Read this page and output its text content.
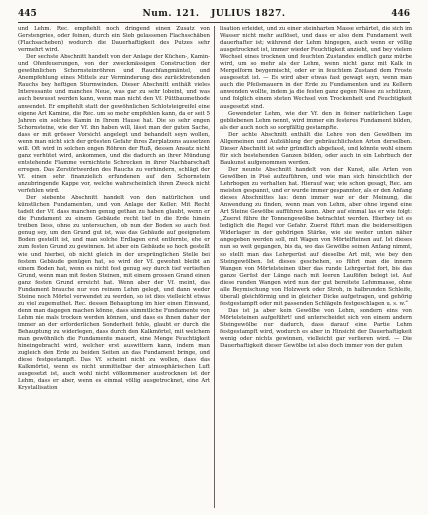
445	Num. 121. JULIUS 1827.	446

und Lehm. Rec. empfiehlt noch dringend einen Zusatz von Gerstengries, oder feinen, durch ein Sieb gelassenen Flachsschäben (Flachsacheben) wodurch die Dauerhaftigkeit des Putzes sehr vermehrt wird.

Der sechste Abschnitt handelt von der Anlage der Küchen-, Kamin- und Ofenfeuerungen, von der zweckmässigen Construction der gewöhnlichen Schornsteinröhren und Rauchfangmäntel, und Anempfehlung eines Mittels zur Verminderung des zurücktretenden Rauchs bey heftigen Sturmwinden. Dieser Abschnitt enthält vieles Interessante und manches Neue, was gar zu sehr lobeint, und was auch bewusst werden kann, wenn man nicht den Vf. Püttbaumethode anwendet. Er empfiehlt statt der gewöhnlichen Schlotsteigreifel eine eigene Art Kamine, die Rec. um so mehr empfehlen kann, da er seit 5 Jahren ein solches Kamin in Ihrem Hause hat. Die so sehr engen Schornsteine, wie der Vf. ihn haben will, lässt man der guten Sache, dass er mit grösser Vorsicht angelegt und behandelt seyn wollen, wenn man nicht sich der grössten Gefahr ihres Zerplatzens aussetzen will. Oft wird in solchen engen Röhren der Ruß, dessen Ansatz nicht ganz verhütet wird, ankommen, und die dadurch an ihrer Mündung entstehende Flamme vernichtete Schrecken in ihrer Nachbarschaft erregen. Das Zerstörtwerden des Rauchs zu verhindern, schlägt der Vf. einen sehr finanzielich erfundenen auf den Schornstein anzubringende Kappe vor, welche wahrscheinlich ihren Zweck nicht verfehlen wird.

Der siebente Abschnitt handelt von den natürlichen und künstlichen Fundamenten, und von Anlage der Keller. Mit Recht tadelt der Vf. dass manchen genug gethan zu haben glaubt, wenn er die Fundament zu einem Gebäude recht tief in die Erde hinein treiben liess, ohne zu untersuchen, ob nun der Boden so auch fest genug sey, um den Grund gut ist, was das Gebäude auf geeignetem Boden gestellt ist, und man solche Erdlagen erst entfernte, ehe er zum festen Grund zu gewinnen. Ist aber ein Gebäude so hoch gestellt wie und hierbei, ob nicht gleich in der ursprünglichen Stelle bei festem Gebäude genügen hat, so wird der Vf. gewohnt bleibt an einem Boden hat, wenn es nicht fest genug sey durch tief vertieften Grund, wenn man mit festen Steinen, mit einem grossen Grand einen ganz festen Grund erreicht hat. Wenn aber der Vf. meint, das Fundament brauche nur von reinem Lehm gelegt, und dann weder Steine noch Mörtel verwendet zu werden, so ist dies vielleicht etwas zu viel zugemuthet. Rec. dessen Behauptung im hier einen Einwand, denn man dagegen machen könne, dass sämmtliche Fundamente von Lehm nie mals trocken werden können, und dass es ihnen daher der immer an der erforderlichen Sonderheit fehle, glaubt er durch die Behauptung zu widerlegen, dass durch den Kalkmörtel, mit welchem man gewöhnlich die Fundamente mauert, eine Menge Feuchtigkeit hineingebracht wird, welcher erst auswittern kann, indem man zugleich den Erde zu beiden Seiten an das Fundament bringe, und diese festgestampft. Das Vf. scheint nicht zu wollen, dass das Kalkmörtel, wenn es nicht unmittelbar der atmosphärischen Luft ausgesetzt ist, auch wohl nicht völkommener austrocknen ist der Lehm, dass er aber, wenn es einmal völlig ausgetrocknet, eine Art Krystallisation

lisation erleidet, und zu einer steinharten Masse erhärtet, die sich im Wasser nicht mehr auflöset, und dass er also dem Fundament weit dauerhafter ist; während der Lehm hingegen, auch wenn er völlig ausgetrocknet ist, immer wieder Feuchtigkeit anzieht, und bey vielem Wechsel eines trocknen und feuchten Zustandes endlich ganz mürbe wird, um so mehr als der Lehm, wenn nicht ganz mit Kalk in Mergelform beygemischt, oder er in feuchtem Zustand dem Froste ausgesetzt ist. — Es wird aber etwas fast gewagt seyn, wenn man auch die Pfeilsmauern in der Erde zu Fundamenten und zu Kellern anwenden wollte, indem ja die festen ganz gegen Nässe zu schützen, und folglich einem steten Wechsel von Trockenheit und Feuchtigkeit ausgesetzt sind.

Gewendeter Lehm, wie der Vf. den in feiner natürlichen Lage gebliebenen Lehm nennt, wird immer ein festeres Fundament bilden, als der auch noch so sorgfältig gestampfte.

Der achte Abschnitt enthält die Lehre von den Gewölben im Allgemeinen und Aufzählung der gebräuchlichsten Arten derselben. Dieser Abschnitt ist sehr gründlich abgefasst, und könnte wohl einem für sich bestehenden Ganzen bilden, oder auch in ein Lehrbuch der Baukunst aufgenommen werden.

Der neunte Abschnitt handelt von der Kunst, alle Arten von Gewölben in Pisé aufzuführen, und wie man sich hinsichtlich der Lehrbogen zu verhalten hat. Hierauf war, wie schon gesagt, Rec. am meisten gespannt, und er wurde immer gespannter, als er den Anfang dieses Abschnittes las: denn immer war er der Meinung, die Anwendung zu finden, wenn man von Lehm, aber ohne irgend eine Art Steine Gewölbe aufführen kann. Aber auf einmal las er wie folgt: „Zuerst führe ihr Tonnengewölbe betrachtet werden. Hierbey ist es lediglich die Regel vor Gefahr. Zuerst führt man die beiderseitigen Widerlager in der gehörigen Stärke, wie sie weiter unten näher angegeben werden soll, mit Wagen von Mörtelfteinen auf. Ist dieses nun so weit gegangen, bis da, wo das Gewölbe seinen Anfang nimmt, so stellt man das Lehrgerüst auf dieselbe Art mit, wie bey den Steingewölben. Ist dieses geschehen, so führt man die innern Wangen von Mörtelsteinen über das runde Lehrgerüst fort, bis das ganze Gerüst der Länge nach mit leeren Lauföfen belegt ist. Auf diese runden Wangen wird nun der gut bereitete Lehmmasse, ohne alle Beymischung von Holzwerk oder Stroh, in halbrunden Schleife, überall gleichförmig und in gleicher Dicke aufgetragen, und gehörig festgestampft oder mit passenden Schlägeln festgeschlagen u. s. w.“

Das ist ja aber kein Gewölbe von Lehm, sondern eins von Mörtelsteinen aufgeführt! und unterscheidet sich von einem andern Steingewölbe nur dadurch, dass darauf eine Partie Lehm festgestampft wird, wodurch es aber in Hinsicht der Dauerhaftigkeit wenig oder nichts gewinnen, vielleicht gar verlieren wird. — Die Dauerhaftigkeit dieser Gewölbe ist also doch immer von der guten
